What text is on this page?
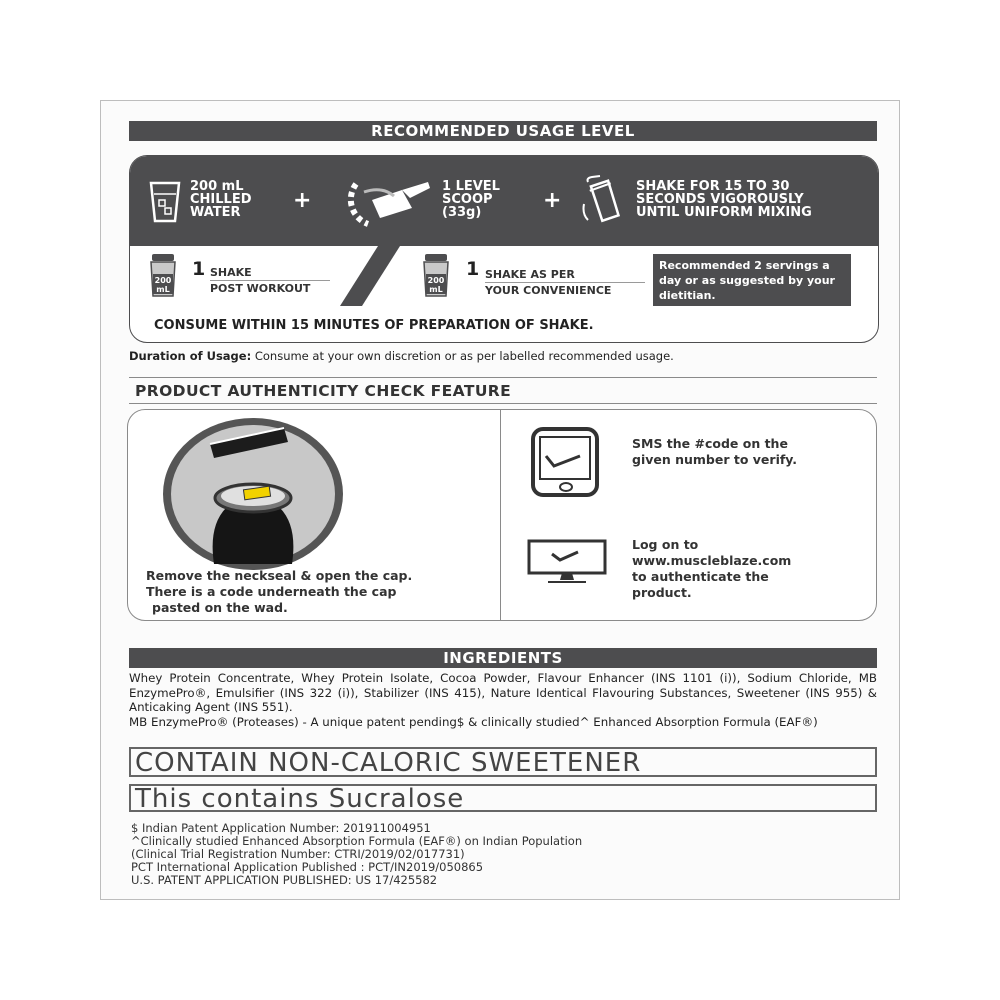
RECOMMENDED USAGE LEVEL
200 mL
CHILLED
WATER	+
1 LEVEL
SCOOP
(33g)	+
SHAKE FOR 15 TO 30
SECONDS VIGOROUSLY
UNTIL UNIFORM MIXING
200
mL
1 SHAKE
POST WORKOUT
&	200
mL
1 SHAKE AS PER
YOUR CONVENIENCE
Recommended 2 servings a day or as suggested by your dietitian.
CONSUME WITHIN 15 MINUTES OF PREPARATION OF SHAKE.
Duration of Usage: Consume at your own discretion or as per labelled recommended usage.
PRODUCT AUTHENTICITY CHECK FEATURE
Remove the neckseal & open the cap.
There is a code underneath the cap
pasted on the wad.
SMS the #code on the
given number to verify.
Log on to
www.muscleblaze.com
to authenticate the
product.
INGREDIENTS

Whey Protein Concentrate, Whey Protein Isolate, Cocoa Powder, Flavour Enhancer (INS 1101 (i)), Sodium Chloride, MB EnzymePro®, Emulsifier (INS 322 (i)), Stabilizer (INS 415), Nature Identical Flavouring Substances, Sweetener (INS 955) & Anticaking Agent (INS 551).

MB EnzymePro® (Proteases) - A unique patent pending$ & clinically studied^ Enhanced Absorption Formula (EAF®)

CONTAIN NON-CALORIC SWEETENER
This contains Sucralose
$ Indian Patent Application Number: 201911004951
^Clinically studied Enhanced Absorption Formula (EAF®) on Indian Population
(Clinical Trial Registration Number: CTRI/2019/02/017731)
PCT International Application Published : PCT/IN2019/050865
U.S. PATENT APPLICATION PUBLISHED: US 17/425582
